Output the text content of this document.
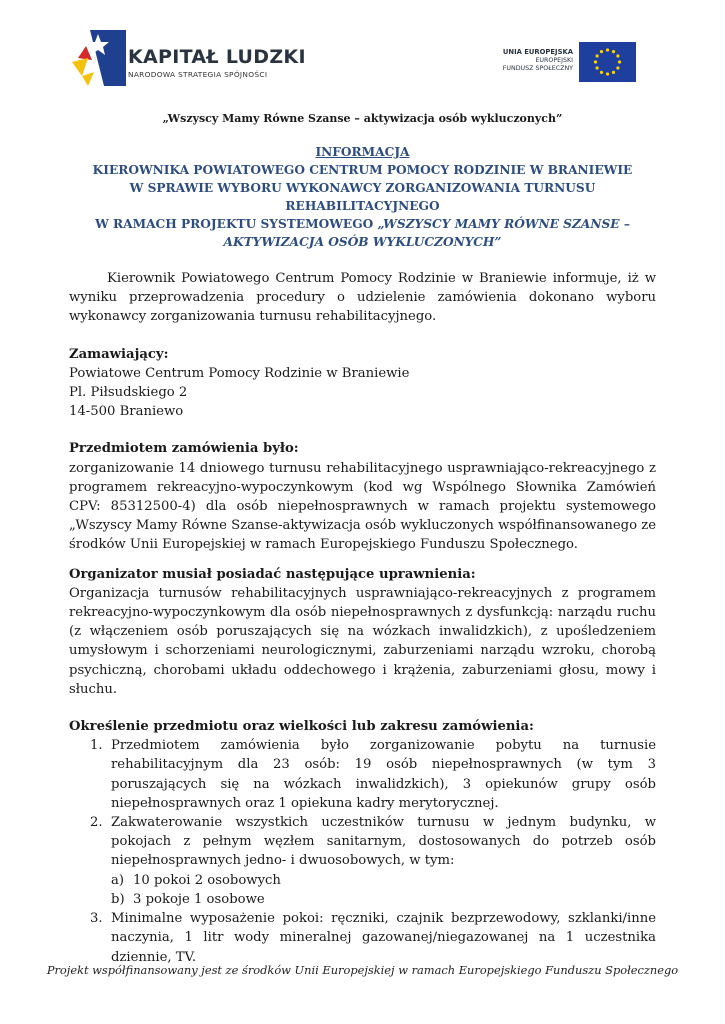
KAPITAŁ LUDZKI
NARODOWA STRATEGIA SPÓJNOŚCI
UNIA EUROPEJSKA
EUROPEJSKI
FUNDUSZ SPOŁECZNY
„Wszyscy Mamy Równe Szanse – aktywizacja osób wykluczonych”
INFORMACJA
KIEROWNIKA POWIATOWEGO CENTRUM POMOCY RODZINIE W BRANIEWIE
W SPRAWIE WYBORU WYKONAWCY ZORGANIZOWANIA TURNUSU
REHABILITACYJNEGO
W RAMACH PROJEKTU SYSTEMOWEGO „WSZYSCY MAMY RÓWNE SZANSE –
AKTYWIZACJA OSÓB WYKLUCZONYCH”
Kierownik Powiatowego Centrum Pomocy Rodzinie w Braniewie informuje, iż w wyniku przeprowadzenia procedury o udzielenie zamówienia dokonano wyboru wykonawcy zorganizowania turnusu rehabilitacyjnego.
Zamawiający:
Powiatowe Centrum Pomocy Rodzinie w Braniewie
Pl. Piłsudskiego 2
14-500 Braniewo
Przedmiotem zamówienia było:
zorganizowanie 14 dniowego turnusu rehabilitacyjnego usprawniająco-rekreacyjnego z programem rekreacyjno-wypoczynkowym (kod wg Wspólnego Słownika Zamówień CPV: 85312500-4) dla osób niepełnosprawnych w ramach projektu systemowego „Wszyscy Mamy Równe Szanse-aktywizacja osób wykluczonych współfinansowanego ze środków Unii Europejskiej w ramach Europejskiego Funduszu Społecznego.
Organizator musiał posiadać następujące uprawnienia:
Organizacja turnusów rehabilitacyjnych usprawniająco-rekreacyjnych z programem rekreacyjno-wypoczynkowym dla osób niepełnosprawnych z dysfunkcją: narządu ruchu (z włączeniem osób poruszających się na wózkach inwalidzkich), z upośledzeniem umysłowym i schorzeniami neurologicznymi, zaburzeniami narządu wzroku, chorobą psychiczną, chorobami układu oddechowego i krążenia, zaburzeniami głosu, mowy i słuchu.
Określenie przedmiotu oraz wielkości lub zakresu zamówienia:
1. Przedmiotem zamówienia było zorganizowanie pobytu na turnusie rehabilitacyjnym dla 23 osób: 19 osób niepełnosprawnych (w tym 3 poruszających się na wózkach inwalidzkich), 3 opiekunów grupy osób niepełnosprawnych oraz 1 opiekuna kadry merytorycznej.
2. Zakwaterowanie wszystkich uczestników turnusu w jednym budynku, w pokojach z pełnym węzłem sanitarnym, dostosowanych do potrzeb osób niepełnosprawnych jedno- i dwuosobowych, w tym:
a) 10 pokoi 2 osobowych
b) 3 pokoje 1 osobowe
3. Minimalne wyposażenie pokoi: ręczniki, czajnik bezprzewodowy, szklanki/inne naczynia, 1 litr wody mineralnej gazowanej/niegazowanej na 1 uczestnika dziennie, TV.
Projekt współfinansowany jest ze środków Unii Europejskiej w ramach Europejskiego Funduszu Społecznego
